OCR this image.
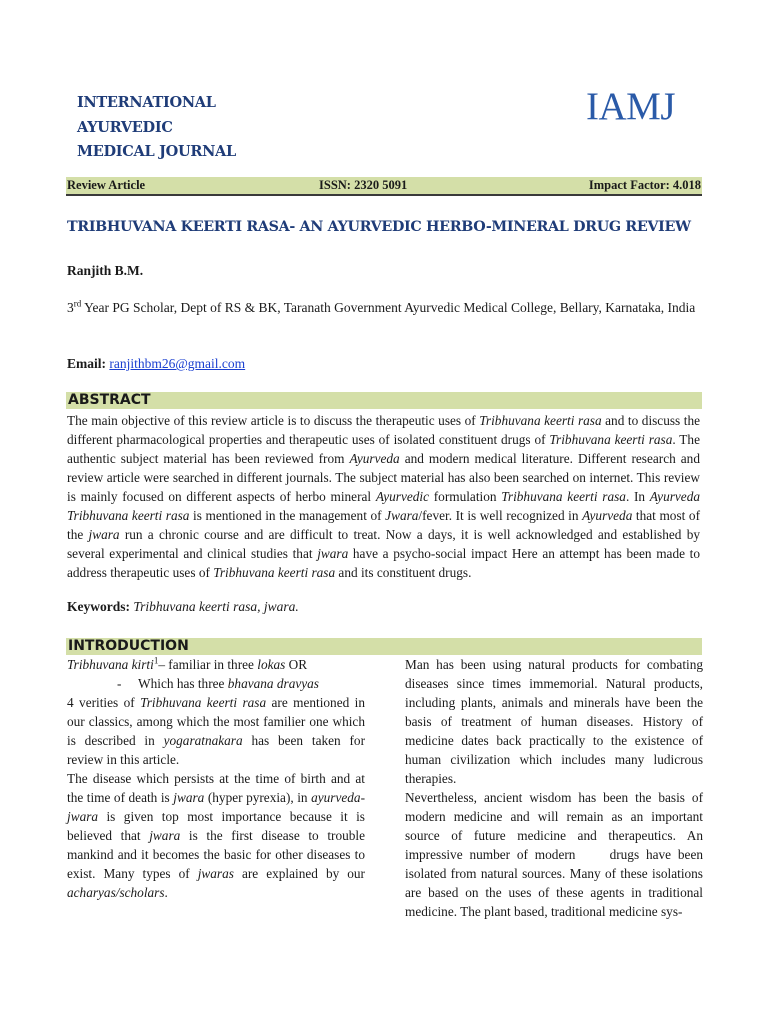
INTERNATIONAL
AYURVEDIC
MEDICAL JOURNAL
IAMJ
Review Article	ISSN: 2320 5091	Impact Factor: 4.018
TRIBHUVANA KEERTI RASA- AN AYURVEDIC HERBO-MINERAL DRUG REVIEW
Ranjith B.M.
3rd Year PG Scholar, Dept of RS & BK, Taranath Government Ayurvedic Medical College, Bellary, Karnataka, India
Email: ranjithbm26@gmail.com
ABSTRACT
The main objective of this review article is to discuss the therapeutic uses of Tribhuvana keerti rasa and to discuss the different pharmacological properties and therapeutic uses of isolated constituent drugs of Tribhuvana keerti rasa. The authentic subject material has been reviewed from Ayurveda and modern medical literature. Different research and review article were searched in different journals. The subject material has also been searched on internet. This review is mainly focused on different aspects of herbo mineral Ayurvedic formulation Tribhuvana keerti rasa. In Ayurveda Tribhuvana keerti rasa is mentioned in the management of Jwara/fever. It is well recognized in Ayurveda that most of the jwara run a chronic course and are difficult to treat. Now a days, it is well acknowledged and established by several experimental and clinical studies that jwara have a psycho-social impact Here an attempt has been made to address therapeutic uses of Tribhuvana keerti rasa and its constituent drugs.
Keywords: Tribhuvana keerti rasa, jwara.
INTRODUCTION

Tribhuvana kirti$^1$– familiar in three lokas OR

-     Which has three bhavana dravyas

4 verities of Tribhuvana keerti rasa are mentioned in our classics, among which the most familier one which is described in yogaratnakara has been taken for review in this article.

The disease which persists at the time of birth and at the time of death is jwara (hyper pyrexia), in ayurveda- jwara is given top most importance because it is believed that jwara is the first disease to trouble mankind and it becomes the basic for other diseases to exist. Many types of jwaras are explained by our acharyas/scholars.

Man has been using natural products for combating diseases since times immemorial. Natural products, including plants, animals and minerals have been the basis of treatment of human diseases. History of medicine dates back practically to the existence of human civilization which includes many ludicrous therapies.

Nevertheless, ancient wisdom has been the basis of modern medicine and will remain as an important source of future medicine and therapeutics. An impressive number of modern     drugs have been isolated from natural sources. Many of these isolations are based on the uses of these agents in traditional medicine. The plant based, traditional medicine sys-
